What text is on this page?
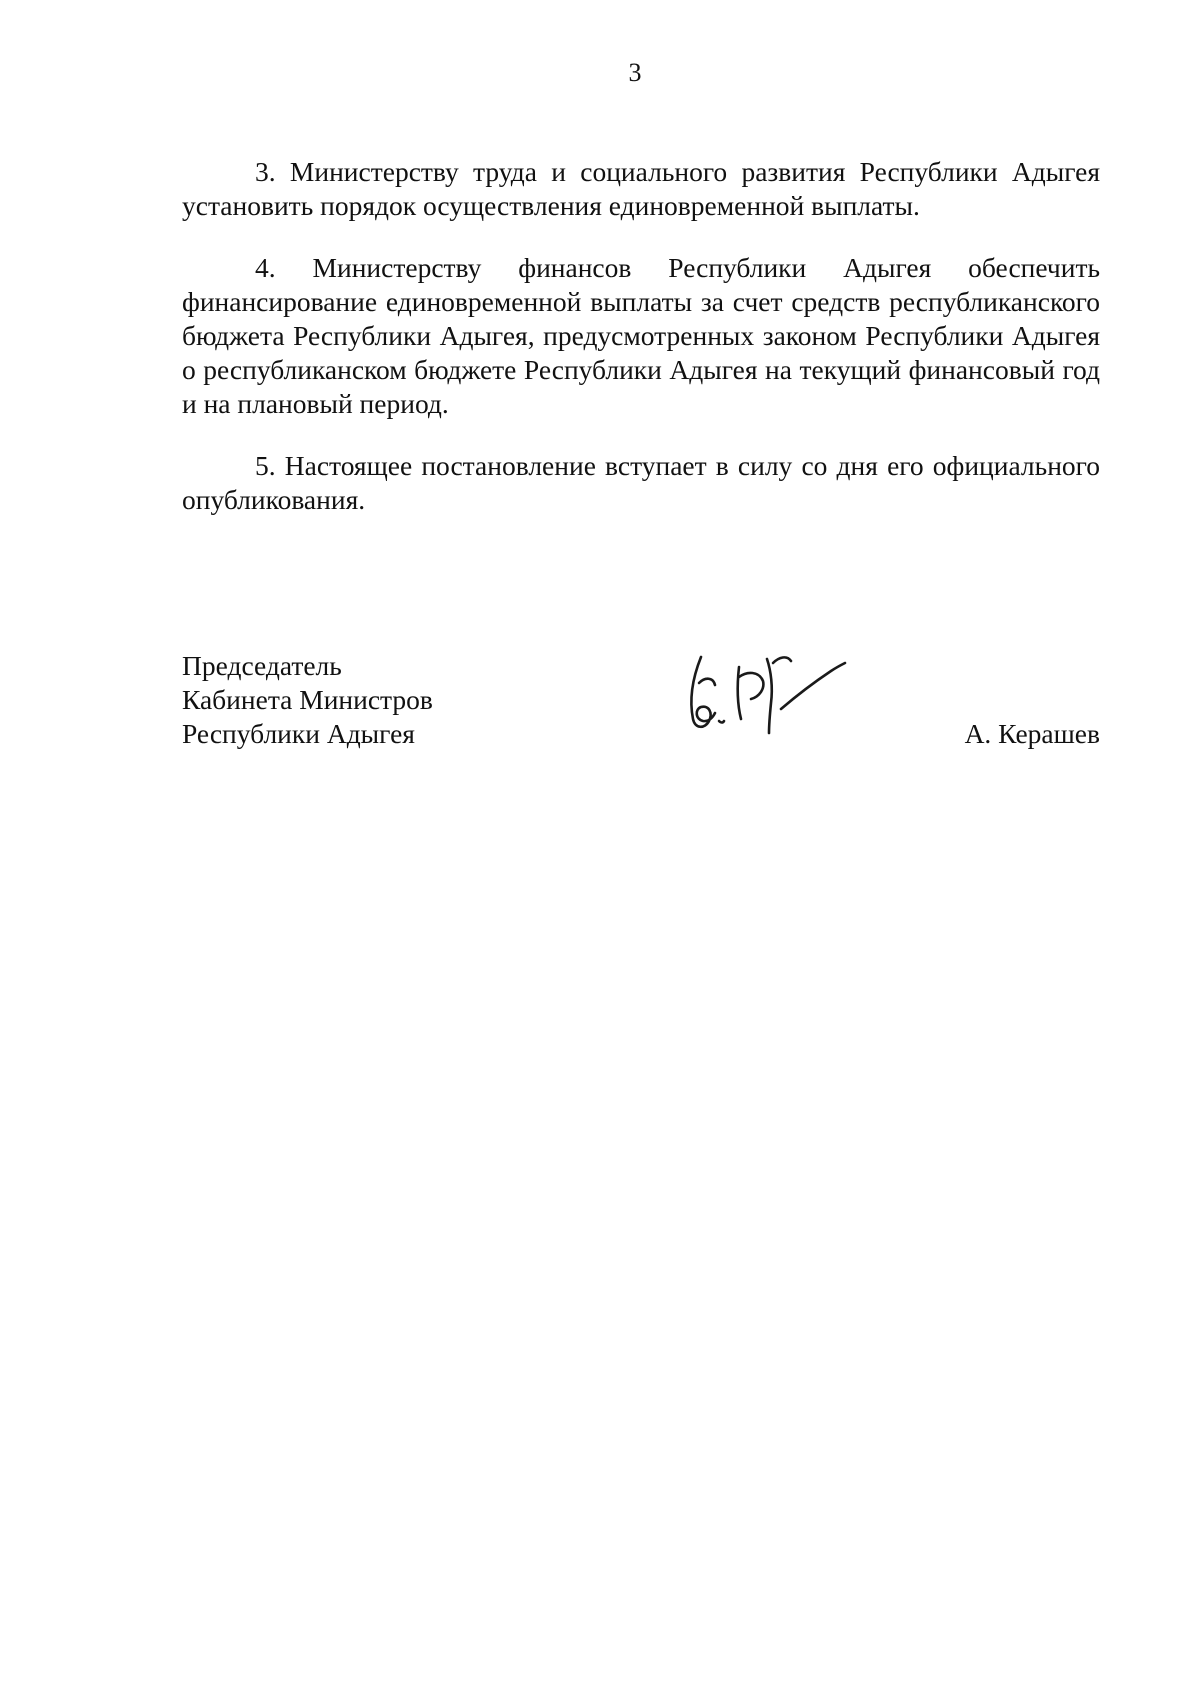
3

3. Министерству труда и социального развития Республики Адыгея установить порядок осуществления единовременной выплаты.

4. Министерству финансов Республики Адыгея обеспечить финансирование единовременной выплаты за счет средств республиканского бюджета Республики Адыгея, предусмотренных законом Республики Адыгея о республиканском бюджете Республики Адыгея на текущий финансовый год и на плановый период.

5. Настоящее постановление вступает в силу со дня его официального опубликования.

Председатель
Кабинета Министров
Республики Адыгея	А. Керашев
